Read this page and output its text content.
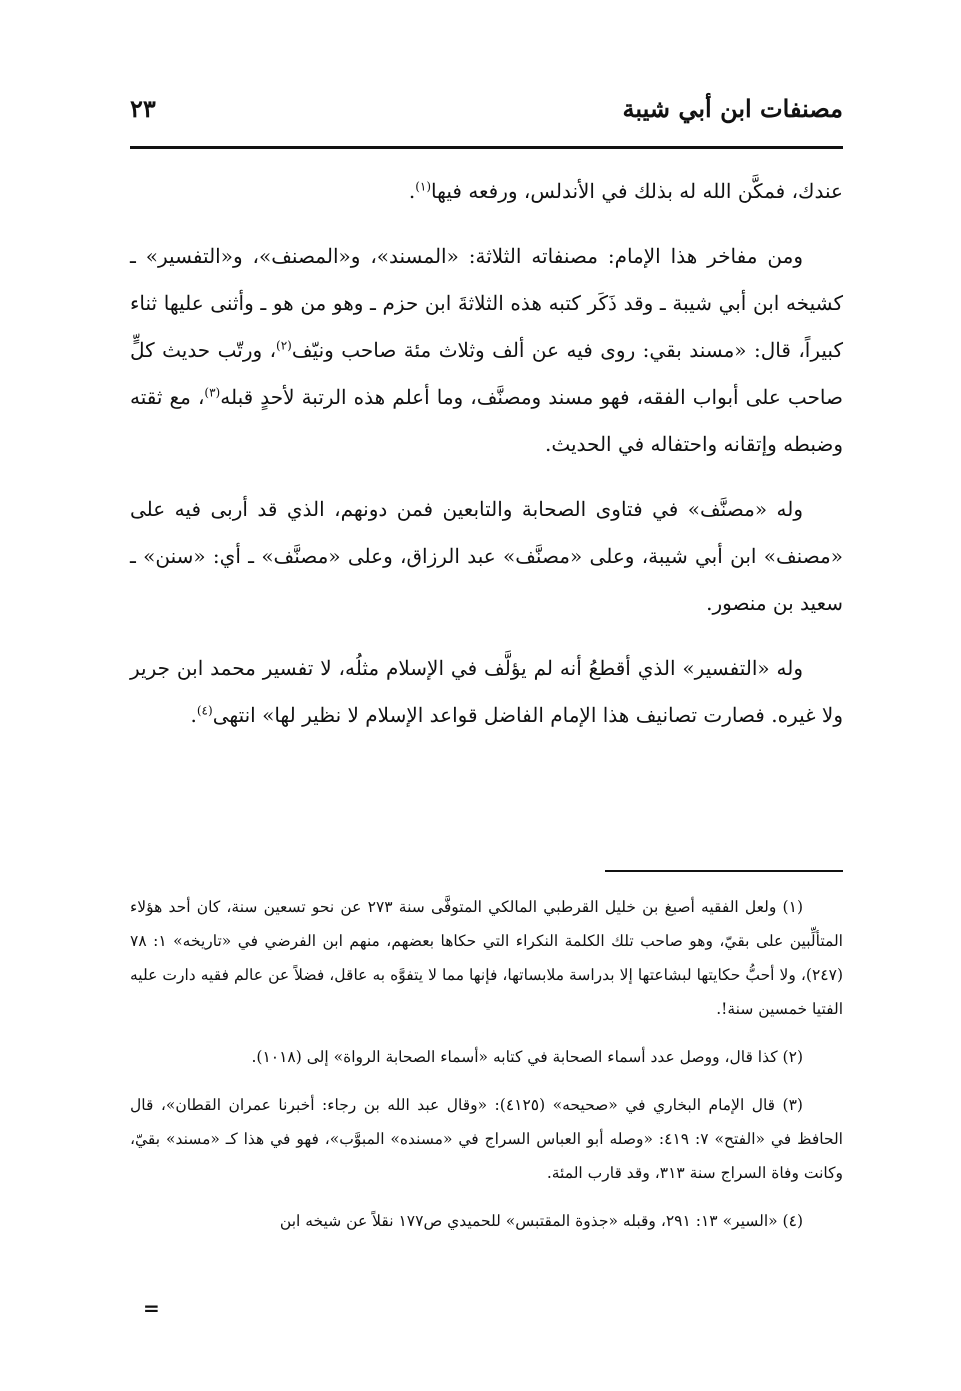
مصنفات ابن أبي شيبة
٢٣

عندك، فمكَّن الله له بذلك في الأندلس، ورفعه فيها$^{(١)}$.

ومن مفاخر هذا الإمام: مصنفاته الثلاثة: «المسند»، و«المصنف»، و«التفسير» ـ كشيخه ابن أبي شيبة ـ وقد ذَكَر كتبه هذه الثلاثةَ ابن حزم ـ وهو من هو ـ وأثنى عليها ثناء كبيراً، قال: «مسند بقي: روى فيه عن ألف وثلاث مئة صاحب ونيّف$^{(٢)}$، ورتّب حديث كلٍّ صاحب على أبواب الفقه، فهو مسند ومصنَّف، وما أعلم هذه الرتبة لأحدٍ قبله$^{(٣)}$، مع ثقته وضبطه وإتقانه واحتفاله في الحديث.

وله «مصنَّف» في فتاوى الصحابة والتابعين فمن دونهم، الذي قد أربى فيه على «مصنف» ابن أبي شيبة، وعلى «مصنَّف» عبد الرزاق، وعلى «مصنَّف» ـ أي: «سنن» ـ سعيد بن منصور.

وله «التفسير» الذي أقطعُ أنه لم يؤلَّف في الإسلام مثلُه، لا تفسير محمد ابن جرير ولا غيره. فصارت تصانيف هذا الإمام الفاضل قواعد الإسلام لا نظير لها» انتهى$^{(٤)}$.

(١) ولعل الفقيه أصبغ بن خليل القرطبي المالكي المتوفَّى سنة ٢٧٣ عن نحو تسعين سنة، كان أحد هؤلاء المتألِّبين على بقيّ، وهو صاحب تلك الكلمة النكراء التي حكاها بعضهم، منهم ابن الفرضي في «تاريخه» ١: ٧٨ (٢٤٧)، ولا أحبُّ حكايتها لبشاعتها إلا بدراسة ملابساتها، فإنها مما لا يتفوَّه به عاقل، فضلاً عن عالم فقيه دارت عليه الفتيا خمسين سنة!.

(٢) كذا قال، ووصل عدد أسماء الصحابة في كتابه «أسماء الصحابة الرواة» إلى (١٠١٨).

(٣) قال الإمام البخاري في «صحيحه» (٤١٢٥): «وقال عبد الله بن رجاء: أخبرنا عمران القطان»، قال الحافظ في «الفتح» ٧: ٤١٩: «وصله أبو العباس السراج في «مسنده» المبوَّب»، فهو في هذا كـ «مسند» بقيّ، وكانت وفاة السراج سنة ٣١٣، وقد قارب المئة.

(٤) «السير» ١٣: ٢٩١، وقبله «جذوة المقتبس» للحميدي ص١٧٧ نقلاً عن شيخه ابن

=
